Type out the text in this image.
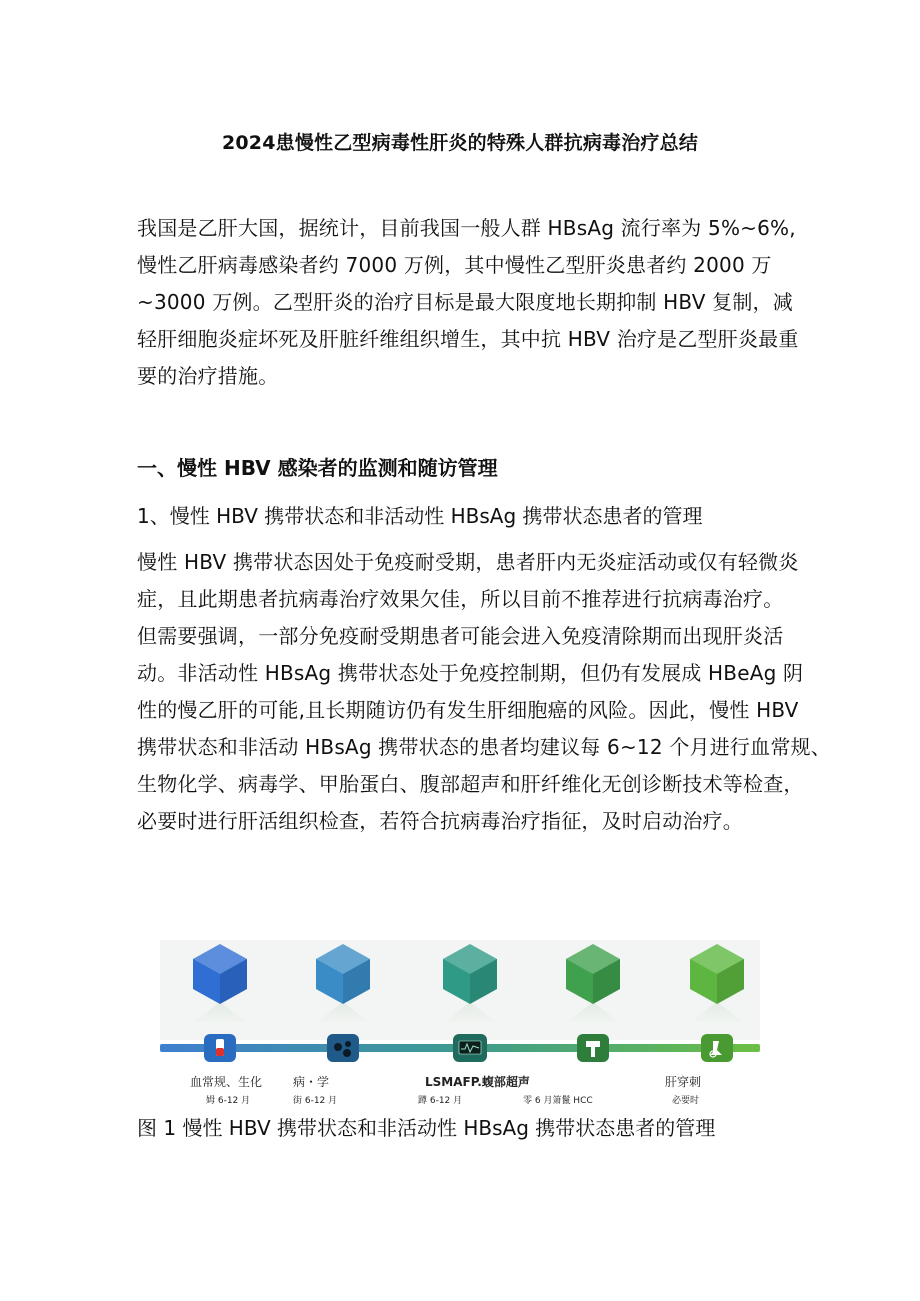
2024患慢性乙型病毒性肝炎的特殊人群抗病毒治疗总结

我国是乙肝大国，据统计，目前我国一般人群 HBsAg 流行率为 5%~6%,
慢性乙肝病毒感染者约 7000 万例，其中慢性乙型肝炎患者约 2000 万
~3000 万例。乙型肝炎的治疗目标是最大限度地长期抑制 HBV 复制，减
轻肝细胞炎症坏死及肝脏纤维组织增生，其中抗 HBV 治疗是乙型肝炎最重
要的治疗措施。

一、慢性 HBV 感染者的监测和随访管理
1、慢性 HBV 携带状态和非活动性 HBsAg 携带状态患者的管理

慢性 HBV 携带状态因处于免疫耐受期，患者肝内无炎症活动或仅有轻微炎
症，且此期患者抗病毒治疗效果欠佳，所以目前不推荐进行抗病毒治疗。
但需要强调，一部分免疫耐受期患者可能会进入免疫清除期而出现肝炎活
动。非活动性 HBsAg 携带状态处于免疫控制期，但仍有发展成 HBeAg 阴
性的慢乙肝的可能,且长期随访仍有发生肝细胞癌的风险。因此，慢性 HBV
携带状态和非活动 HBsAg 携带状态的患者均建议每 6~12 个月进行血常规、
生物化学、病毒学、甲胎蛋白、腹部超声和肝纤维化无创诊断技术等检查，
必要时进行肝活组织检查，若符合抗病毒治疗指征，及时启动治疗。

血常规、生化
姆 6-12 月
病・学
街 6-12 月
LSMAFP.蝮部超声
蹲 6-12 月	零 6 月箫鬣 HCC
肝穿刺
必要时
图 1 慢性 HBV 携带状态和非活动性 HBsAg 携带状态患者的管理
